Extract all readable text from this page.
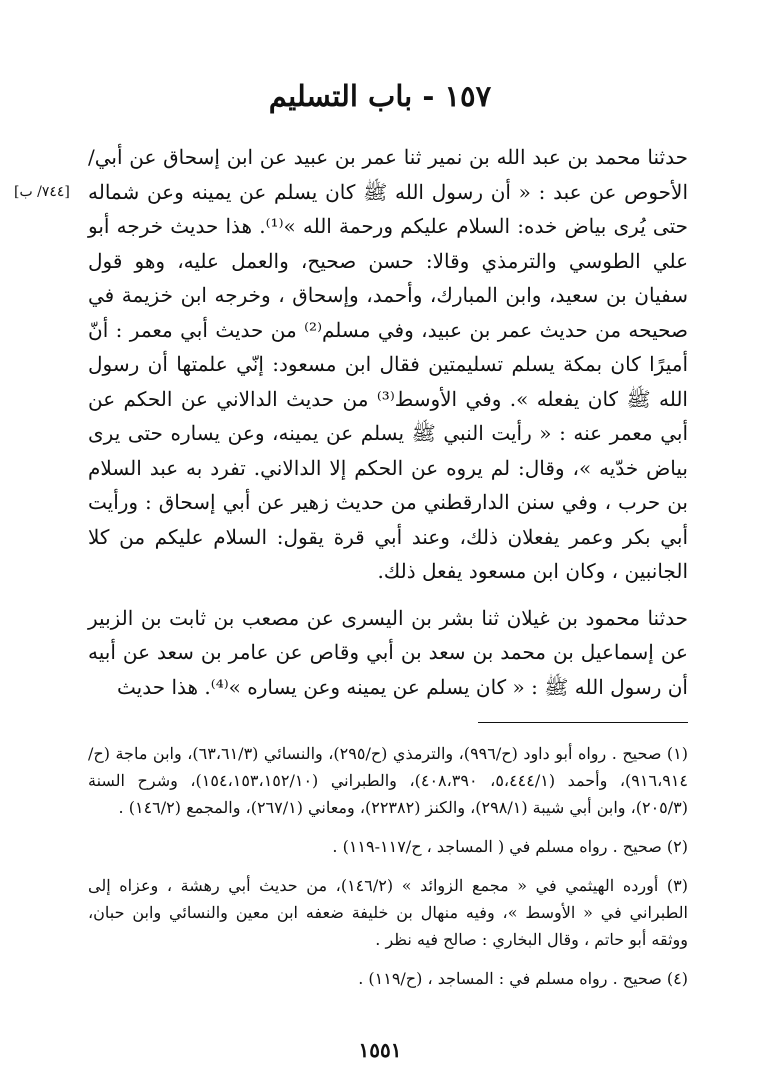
١٥٧ - باب التسليم
[٧٤٤/ ب]

حدثنا محمد بن عبد الله بن نمير ثنا عمر بن عبيد عن ابن إسحاق عن أبي/ الأحوص عن عبد : « أن رسول الله ﷺ كان يسلم عن يمينه وعن شماله حتى يُرى بياض خده: السلام عليكم ورحمة الله »⁽¹⁾. هذا حديث خرجه أبو علي الطوسي والترمذي وقالا: حسن صحيح، والعمل عليه، وهو قول سفيان بن سعيد، وابن المبارك، وأحمد، وإسحاق ، وخرجه ابن خزيمة في صحيحه من حديث عمر بن عبيد، وفي مسلم⁽²⁾ من حديث أبي معمر : أنّ أميرًا كان بمكة يسلم تسليمتين فقال ابن مسعود: إنّي علمتها أن رسول الله ﷺ كان يفعله ». وفي الأوسط⁽³⁾ من حديث الدالاني عن الحكم عن أبي معمر عنه : « رأيت النبي ﷺ يسلم عن يمينه، وعن يساره حتى يرى بياض خدّيه »، وقال: لم يروه عن الحكم إلا الدالاني. تفرد به عبد السلام بن حرب ، وفي سنن الدارقطني من حديث زهير عن أبي إسحاق : ورأيت أبي بكر وعمر يفعلان ذلك، وعند أبي قرة يقول: السلام عليكم من كلا الجانبين ، وكان ابن مسعود يفعل ذلك.

حدثنا محمود بن غيلان ثنا بشر بن اليسرى عن مصعب بن ثابت بن الزبير عن إسماعيل بن محمد بن سعد بن أبي وقاص عن عامر بن سعد عن أبيه أن رسول الله ﷺ : « كان يسلم عن يمينه وعن يساره »⁽⁴⁾. هذا حديث

(١) صحيح . رواه أبو داود (ح/٩٩٦)، والترمذي (ح/٢٩٥)، والنسائي (٦٣،٦١/٣)، وابن ماجة (ح/٩١٦،٩١٤)، وأحمد (٥،٤٤٤/١، ٤٠٨،٣٩٠)، والطبراني (١٥٤،١٥٣،١٥٢/١٠)، وشرح السنة (٢٠٥/٣)، وابن أبي شيبة (٢٩٨/١)، والكنز (٢٢٣٨٢)، ومعاني (٢٦٧/١)، والمجمع (١٤٦/٢) .

(٢) صحيح . رواه مسلم في ( المساجد ، ح/١١٧-١١٩) .

(٣) أورده الهيثمي في « مجمع الزوائد » (١٤٦/٢)، من حديث أبي رهشة ، وعزاه إلى الطبراني في « الأوسط »، وفيه منهال بن خليفة ضعفه ابن معين والنسائي وابن حبان، ووثقه أبو حاتم ، وقال البخاري : صالح فيه نظر .

(٤) صحيح . رواه مسلم في : المساجد ، (ح/١١٩) .

١٥٥١
